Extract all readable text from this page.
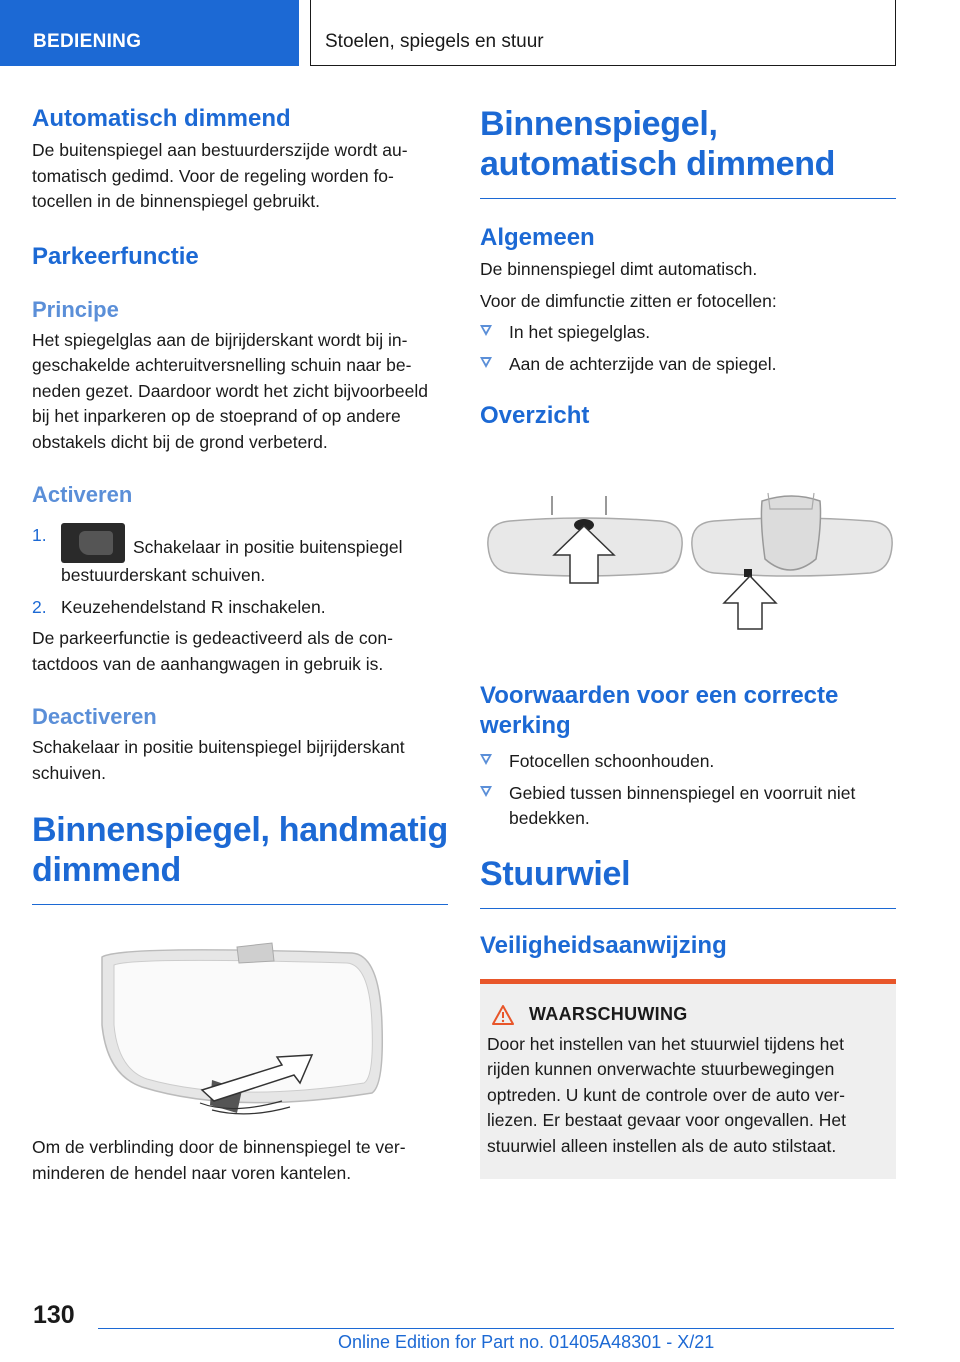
BEDIENING	Stoelen, spiegels en stuur
Automatisch dimmend
De buitenspiegel aan bestuurderszijde wordt automatisch gedimd. Voor de regeling worden fotocellen in de binnenspiegel gebruikt.
Parkeerfunctie
Principe
Het spiegelglas aan de bijrijderskant wordt bij ingeschakelde achteruitversnelling schuin naar beneden gezet. Daardoor wordt het zicht bijvoorbeeld bij het inparkeren op de stoeprand of op andere obstakels dicht bij de grond verbeterd.
Activeren
1.
Schakelaar in positie buitenspiegel bestuurderskant schuiven.
2. Keuzehendelstand R inschakelen.
De parkeerfunctie is gedeactiveerd als de contactdoos van de aanhangwagen in gebruik is.
Deactiveren
Schakelaar in positie buitenspiegel bijrijderskant schuiven.
Binnenspiegel, handmatig dimmend
Om de verblinding door de binnenspiegel te verminderen de hendel naar voren kantelen.
Binnenspiegel, automatisch dimmend
Algemeen
De binnenspiegel dimt automatisch.
Voor de dimfunctie zitten er fotocellen:
In het spiegelglas.
Aan de achterzijde van de spiegel.
Overzicht
Voorwaarden voor een correcte werking
Fotocellen schoonhouden.
Gebied tussen binnenspiegel en voorruit niet bedekken.
Stuurwiel
Veiligheidsaanwijzing
WAARSCHUWING
Door het instellen van het stuurwiel tijdens het rijden kunnen onverwachte stuurbewegingen optreden. U kunt de controle over de auto verliezen. Er bestaat gevaar voor ongevallen. Het stuurwiel alleen instellen als de auto stilstaat.
130
Online Edition for Part no. 01405A48301 - X/21
